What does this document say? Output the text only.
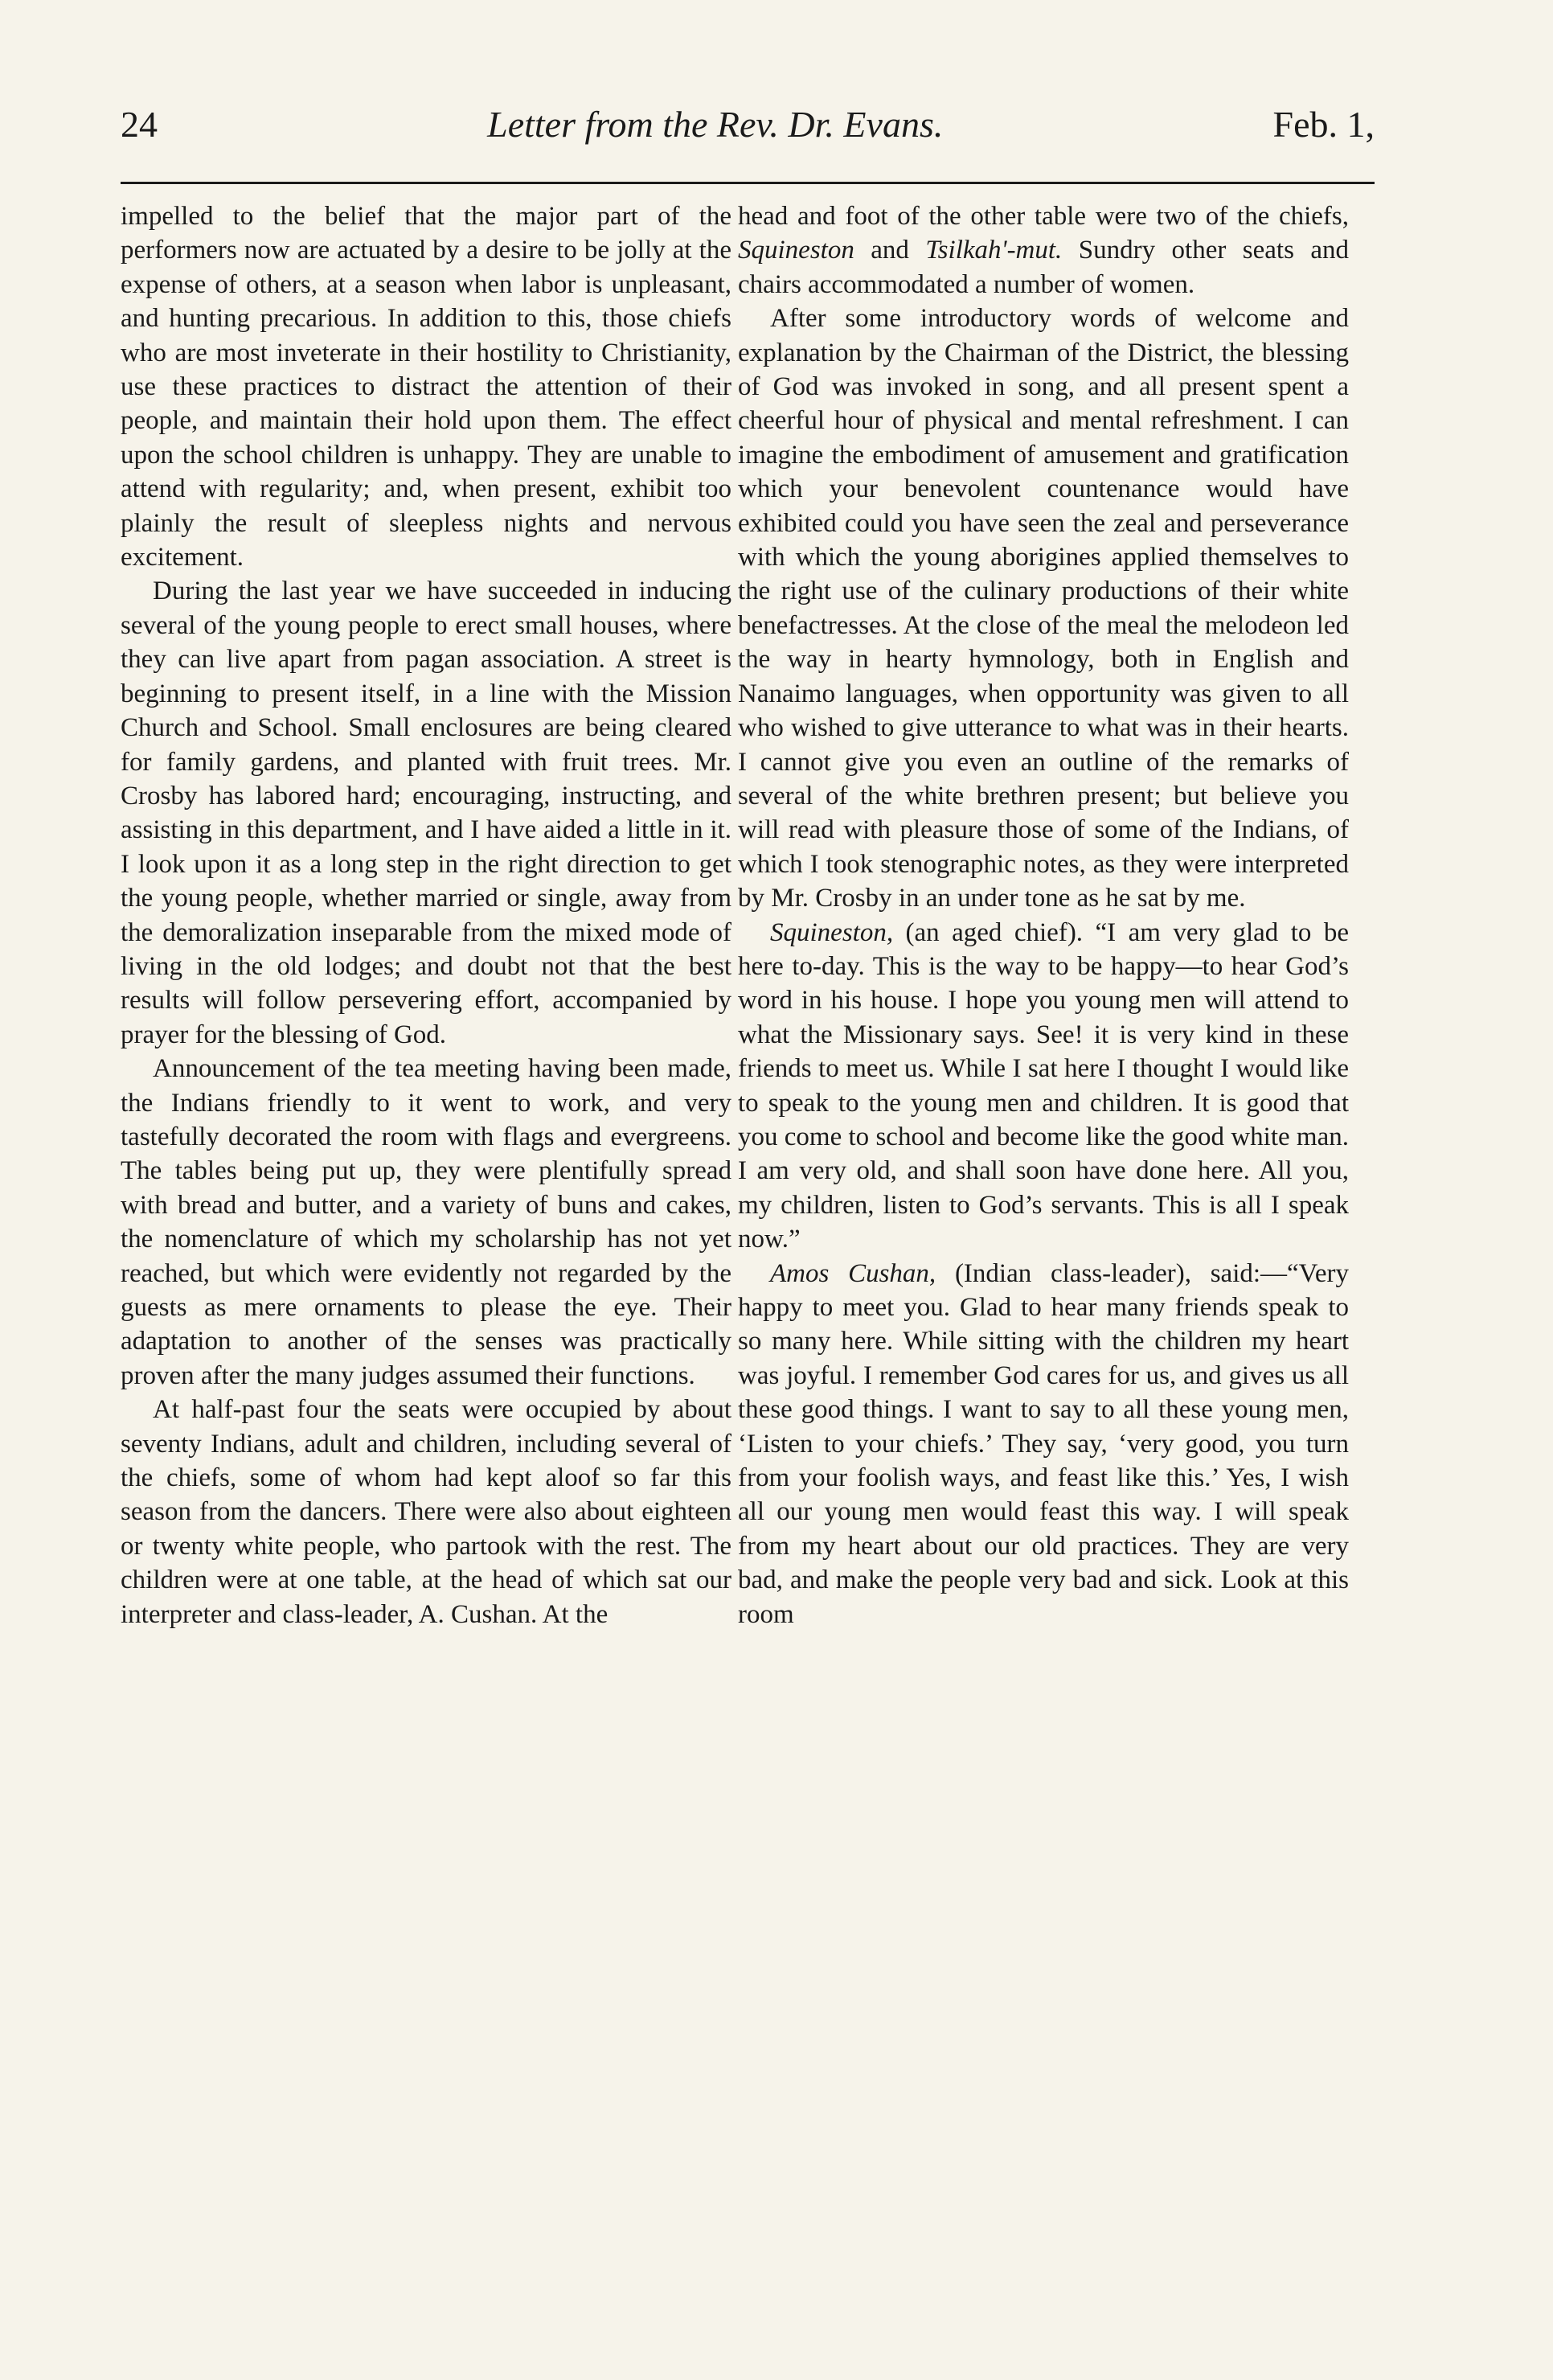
24	Letter from the Rev. Dr. Evans.	Feb. 1,

impelled to the belief that the major part of the performers now are actuated by a desire to be jolly at the expense of others, at a season when labor is unpleasant, and hunting precarious. In addition to this, those chiefs who are most inveterate in their hostility to Christianity, use these practices to distract the attention of their people, and maintain their hold upon them. The effect upon the school children is unhappy. They are unable to attend with regularity; and, when present, exhibit too plainly the result of sleepless nights and nervous excitement.

During the last year we have succeeded in inducing several of the young people to erect small houses, where they can live apart from pagan association. A street is beginning to present itself, in a line with the Mission Church and School. Small enclosures are being cleared for family gardens, and planted with fruit trees. Mr. Crosby has labored hard; encouraging, instructing, and assisting in this department, and I have aided a little in it. I look upon it as a long step in the right direction to get the young people, whether married or single, away from the demoralization inseparable from the mixed mode of living in the old lodges; and doubt not that the best results will follow persevering effort, accompanied by prayer for the blessing of God.

Announcement of the tea meeting having been made, the Indians friendly to it went to work, and very tastefully decorated the room with flags and evergreens. The tables being put up, they were plentifully spread with bread and butter, and a variety of buns and cakes, the nomenclature of which my scholarship has not yet reached, but which were evidently not regarded by the guests as mere ornaments to please the eye. Their adaptation to another of the senses was practically proven after the many judges assumed their functions.

At half-past four the seats were occupied by about seventy Indians, adult and children, including several of the chiefs, some of whom had kept aloof so far this season from the dancers. There were also about eighteen or twenty white people, who partook with the rest. The children were at one table, at the head of which sat our interpreter and class-leader, A. Cushan. At the

head and foot of the other table were two of the chiefs, Squineston and Tsilkah'-mut. Sundry other seats and chairs accommodated a number of women.

After some introductory words of welcome and explanation by the Chairman of the District, the blessing of God was invoked in song, and all present spent a cheerful hour of physical and mental refreshment. I can imagine the embodiment of amusement and gratification which your benevolent countenance would have exhibited could you have seen the zeal and perseverance with which the young aborigines applied themselves to the right use of the culinary productions of their white benefactresses. At the close of the meal the melodeon led the way in hearty hymnology, both in English and Nanaimo languages, when opportunity was given to all who wished to give utterance to what was in their hearts. I cannot give you even an outline of the remarks of several of the white brethren present; but believe you will read with pleasure those of some of the Indians, of which I took stenographic notes, as they were interpreted by Mr. Crosby in an under tone as he sat by me.

Squineston, (an aged chief). “I am very glad to be here to-day. This is the way to be happy—to hear God’s word in his house. I hope you young men will attend to what the Missionary says. See! it is very kind in these friends to meet us. While I sat here I thought I would like to speak to the young men and children. It is good that you come to school and become like the good white man. I am very old, and shall soon have done here. All you, my children, listen to God’s servants. This is all I speak now.”

Amos Cushan, (Indian class-leader), said:—“Very happy to meet you. Glad to hear many friends speak to so many here. While sitting with the children my heart was joyful. I remember God cares for us, and gives us all these good things. I want to say to all these young men, ‘Listen to your chiefs.’ They say, ‘very good, you turn from your foolish ways, and feast like this.’ Yes, I wish all our young men would feast this way. I will speak from my heart about our old practices. They are very bad, and make the people very bad and sick. Look at this room
